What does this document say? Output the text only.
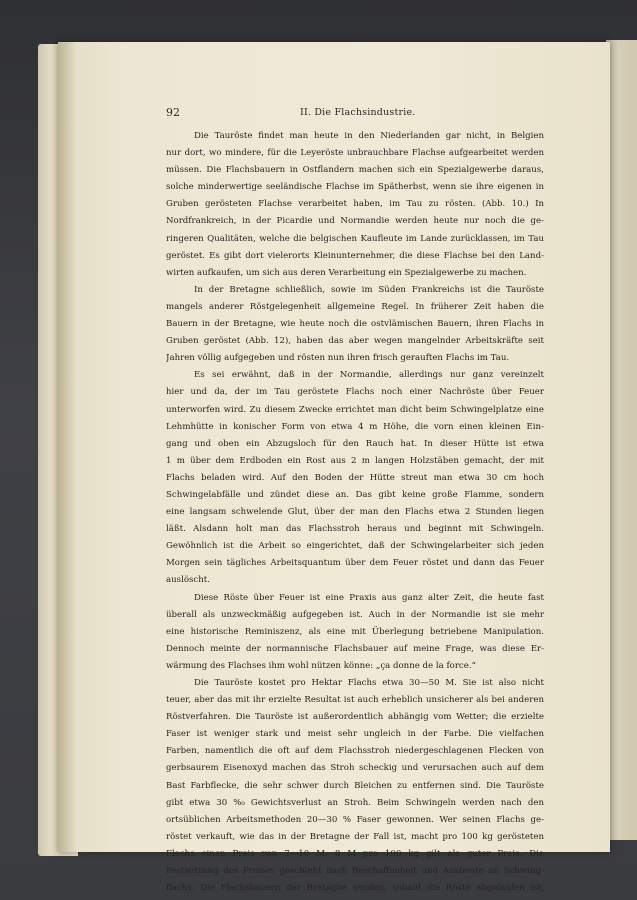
92	II. Die Flachsindustrie.
Die Tauröste findet man heute in den Niederlanden gar nicht, in Belgien
nur dort, wo mindere, für die Leyeröste unbrauchbare Flachse aufgearbeitet werden
müssen. Die Flachsbauern in Ostflandern machen sich ein Spezialgewerbe daraus,
solche minderwertige seeländische Flachse im Spätherbst, wenn sie ihre eigenen in
Gruben gerösteten Flachse verarbeitet haben, im Tau zu rösten. (Abb. 10.) In
Nordfrankreich, in der Picardie und Normandie werden heute nur noch die ge-
ringeren Qualitäten, welche die belgischen Kaufleute im Lande zurücklassen, im Tau
geröstet. Es gibt dort vielerorts Kleinunternehmer, die diese Flachse bei den Land-
wirten aufkaufen, um sich aus deren Verarbeitung ein Spezialgewerbe zu machen.
In der Bretagne schließlich, sowie im Süden Frankreichs ist die Tauröste
mangels anderer Röstgelegenheit allgemeine Regel. In früherer Zeit haben die
Bauern in der Bretagne, wie heute noch die ostvlämischen Bauern, ihren Flachs in
Gruben geröstet (Abb. 12), haben das aber wegen mangelnder Arbeitskräfte seit
Jahren völlig aufgegeben und rösten nun ihren frisch gerauften Flachs im Tau.
Es sei erwähnt, daß in der Normandie, allerdings nur ganz vereinzelt
hier und da, der im Tau geröstete Flachs noch einer Nachröste über Feuer
unterworfen wird. Zu diesem Zwecke errichtet man dicht beim Schwingelplatze eine
Lehmhütte in konischer Form von etwa 4 m Höhe, die vorn einen kleinen Ein-
gang und oben ein Abzugsloch für den Rauch hat. In dieser Hütte ist etwa
1 m über dem Erdboden ein Rost aus 2 m langen Holzstäben gemacht, der mit
Flachs beladen wird. Auf den Boden der Hütte streut man etwa 30 cm hoch
Schwingelabfälle und zündet diese an. Das gibt keine große Flamme, sondern
eine langsam schwelende Glut, über der man den Flachs etwa 2 Stunden liegen
läßt. Alsdann holt man das Flachsstroh heraus und beginnt mit Schwingeln.
Gewöhnlich ist die Arbeit so eingerichtet, daß der Schwingelarbeiter sich jeden
Morgen sein tägliches Arbeitsquantum über dem Feuer röstet und dann das Feuer
auslöscht.
Diese Röste über Feuer ist eine Praxis aus ganz alter Zeit, die heute fast
überall als unzweckmäßig aufgegeben ist. Auch in der Normandie ist sie mehr
eine historische Reminiszenz, als eine mit Überlegung betriebene Manipulation.
Dennoch meinte der normannische Flachsbauer auf meine Frage, was diese Er-
wärmung des Flachses ihm wohl nützen könne: „ça donne de la force.“
Die Tauröste kostet pro Hektar Flachs etwa 30—50 M. Sie ist also nicht
teuer, aber das mit ihr erzielte Resultat ist auch erheblich unsicherer als bei anderen
Röstverfahren. Die Tauröste ist außerordentlich abhängig vom Wetter; die erzielte
Faser ist weniger stark und meist sehr ungleich in der Farbe. Die vielfachen
Farben, namentlich die oft auf dem Flachsstroh niedergeschlagenen Flecken von
gerbsaurem Eisenoxyd machen das Stroh scheckig und verursachen auch auf dem
Bast Farbflecke, die sehr schwer durch Bleichen zu entfernen sind. Die Tauröste
gibt etwa 30 %₀ Gewichtsverlust an Stroh. Beim Schwingeln werden nach den
ortsüblichen Arbeitsmethoden 20—30 % Faser gewonnen. Wer seinen Flachs ge-
röstet verkauft, wie das in der Bretagne der Fall ist, macht pro 100 kg gerösteten
Flachs einen Preis von 7—10 M; 8 M pro 100 kg gilt als guter Preis. Die
Festsetzung des Preises geschieht nach Beschaffenheit und Ausbeute an Schwing-
flachs. Die Flachsbauern der Bretagne senden, sobald die Röste abgelaufen ist,
